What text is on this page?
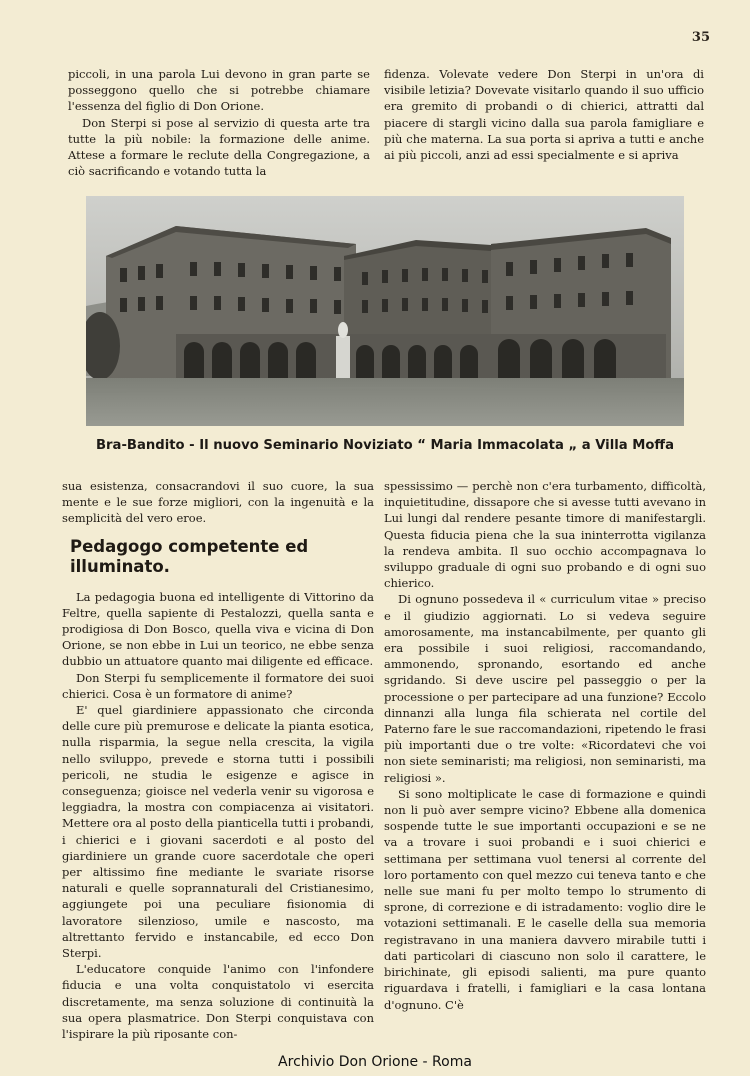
35

piccoli, in una parola Lui devono in gran parte se posseggono quello che si potrebbe chiamare l'essenza del figlio di Don Orione.

Don Sterpi si pose al servizio di questa arte tra tutte la più nobile: la formazione delle anime. Attese a formare le reclute della Congregazione, a ciò sacrificando e votando tutta la

fidenza. Volevate vedere Don Sterpi in un'ora di visibile letizia? Dovevate visitarlo quando il suo ufficio era gremito di probandi o di chierici, attratti dal piacere di stargli vicino dalla sua parola famigliare e più che materna. La sua porta si apriva a tutti e anche ai più piccoli, anzi ad essi specialmente e si apriva

Bra-Bandito - Il nuovo Seminario Noviziato “ Maria Immacolata „ a Villa Moffa

sua esistenza, consacrandovi il suo cuore, la sua mente e le sue forze migliori, con la ingenuità e la semplicità del vero eroe.

Pedagogo competente ed illuminato.

La pedagogia buona ed intelligente di Vittorino da Feltre, quella sapiente di Pestalozzi, quella santa e prodigiosa di Don Bosco, quella viva e vicina di Don Orione, se non ebbe in Lui un teorico, ne ebbe senza dubbio un attuatore quanto mai diligente ed efficace.

Don Sterpi fu semplicemente il formatore dei suoi chierici. Cosa è un formatore di anime?

E' quel giardiniere appassionato che circonda delle cure più premurose e delicate la pianta esotica, nulla risparmia, la segue nella crescita, la vigila nello sviluppo, prevede e storna tutti i possibili pericoli, ne studia le esigenze e agisce in conseguenza; gioisce nel vederla venir su vigorosa e leggiadra, la mostra con compiacenza ai visitatori. Mettere ora al posto della pianticella tutti i probandi, i chierici e i giovani sacerdoti e al posto del giardiniere un grande cuore sacerdotale che operi per altissimo fine mediante le svariate risorse naturali e quelle soprannaturali del Cristianesimo, aggiungete poi una peculiare fisionomia di lavoratore silenzioso, umile e nascosto, ma altrettanto fervido e instancabile, ed ecco Don Sterpi.

L'educatore conquide l'animo con l'infondere fiducia e una volta conquistatolo vi esercita discretamente, ma senza soluzione di continuità la sua opera plasmatrice. Don Sterpi conquistava con l'ispirare la più riposante con-

spessissimo — perchè non c'era turbamento, difficoltà, inquietitudine, dissapore che si avesse tutti avevano in Lui lungi dal rendere pesante timore di manifestargli. Questa fiducia piena che la sua ininterrotta vigilanza la rendeva ambita. Il suo occhio accompagnava lo sviluppo graduale di ogni suo probando e di ogni suo chierico.

Di ognuno possedeva il « curriculum vitae » preciso e il giudizio aggiornati. Lo si vedeva seguire amorosamente, ma instancabilmente, per quanto gli era possibile i suoi religiosi, raccomandando, ammonendo, spronando, esortando ed anche sgridando. Si deve uscire pel passeggio o per la processione o per partecipare ad una funzione? Eccolo dinnanzi alla lunga fila schierata nel cortile del Paterno fare le sue raccomandazioni, ripetendo le frasi più importanti due o tre volte: «Ricordatevi che voi non siete seminaristi; ma religiosi, non seminaristi, ma religiosi ».

Si sono moltiplicate le case di formazione e quindi non li può aver sempre vicino? Ebbene alla domenica sospende tutte le sue importanti occupazioni e se ne va a trovare i suoi probandi e i suoi chierici e settimana per settimana vuol tenersi al corrente del loro portamento con quel mezzo cui teneva tanto e che nelle sue mani fu per molto tempo lo strumento di sprone, di correzione e di istradamento: voglio dire le votazioni settimanali. E le caselle della sua memoria registravano in una maniera davvero mirabile tutti i dati particolari di ciascuno non solo il carattere, le birichinate, gli episodi salienti, ma pure quanto riguardava i fratelli, i famigliari e la casa lontana d'ognuno. C'è

Archivio Don Orione - Roma
